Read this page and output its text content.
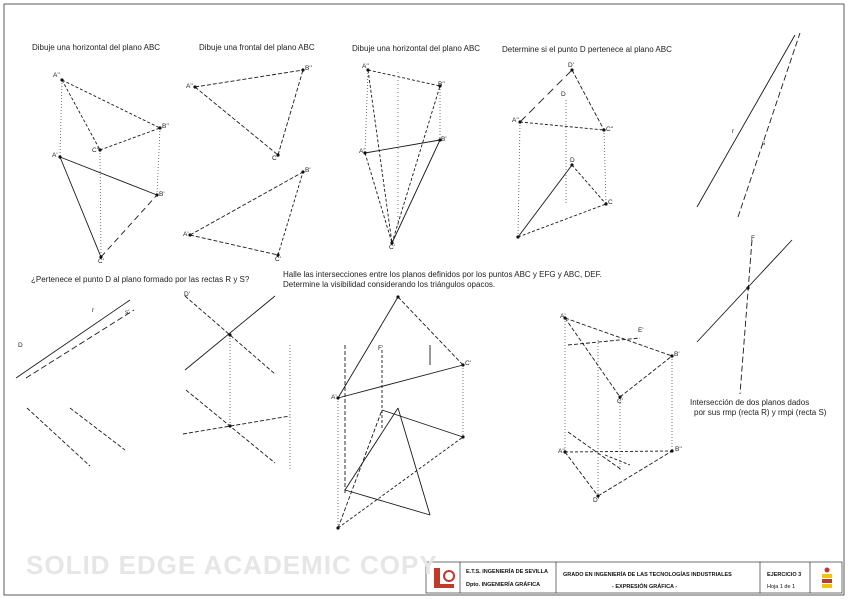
SOLID EDGE ACADEMIC COPY
Dibuje una horizontal del plano ABC	Dibuje una frontal del plano ABC	Dibuje una horizontal del plano ABC	Determine si el punto D pertenece al plano ABC
¿Pertenece el punto D al plano formado por las rectas R y S?
Halle las intersecciones entre los planos definidos por los puntos ABC y EFG y ABC, DEF.
Determine la visibilidad considerando los triángulos opacos.
Intersección de dos planos dados
por sus rmp (recta R) y rmpi (recta S)
A''
B''
C''
A'
B'
C'
A''
B''
C''
A'
B'
C'
A''
B''
A'
B'
C'
D'
A''
C''
D
D
C
r	s'
D
D'
A'
C'
F'
A'
B'
C'
A''	B''
D'
E'
r
s
F
E.T.S. INGENIERÍA DE SEVILLA
Dpto. INGENIERÍA GRÁFICA
GRADO EN INGENIERÍA DE LAS TECNOLOGÍAS INDUSTRIALES
- EXPRESIÓN GRÁFICA -
EJERCICIO 3
Hoja 1 de 1
